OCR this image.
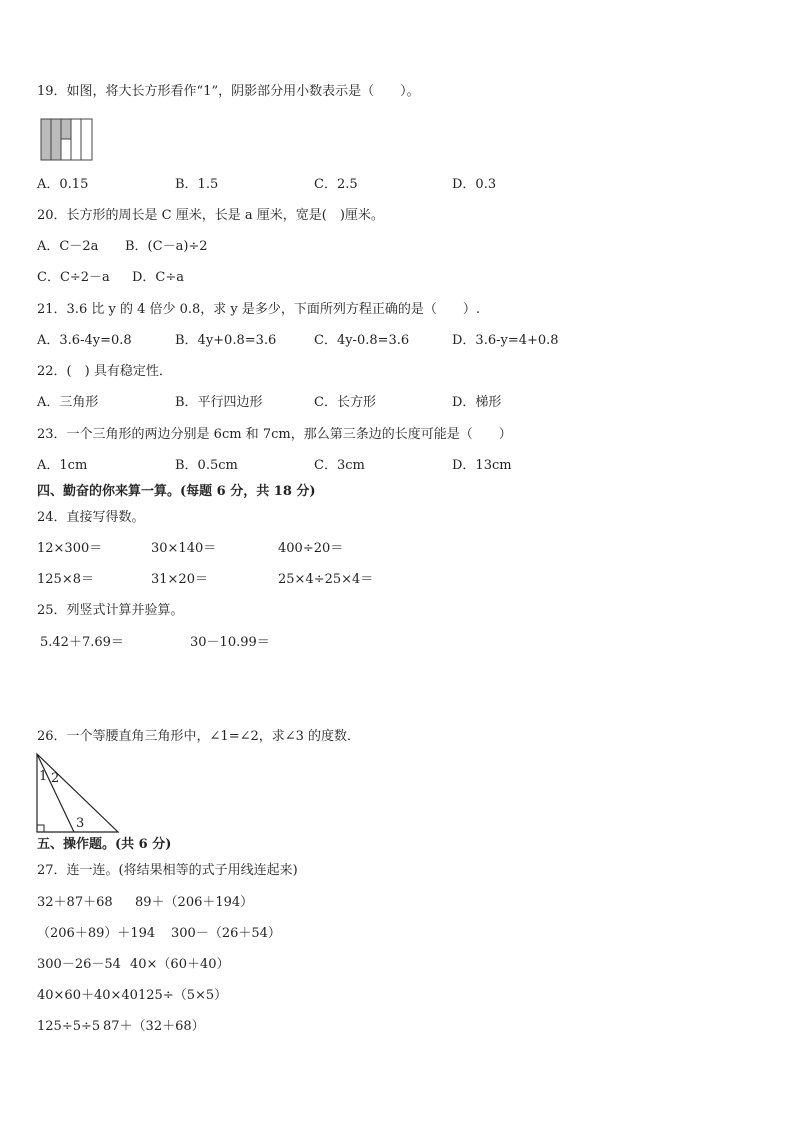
19．如图，将大长方形看作“1”，阴影部分用小数表示是（　　）。
A．0.15	B．1.5	C．2.5	D．0.3
20．长方形的周长是 C 厘米，长是 a 厘米，宽是(　)厘米。
A．C－2a B．(C－a)÷2
C．C÷2－a D．C÷a
21．3.6 比 y 的 4 倍少 0.8，求 y 是多少，下面所列方程正确的是（　　）.
A．3.6-4y=0.8	B．4y+0.8=3.6	C．4y-0.8=3.6	D．3.6-y=4+0.8
22．(　) 具有稳定性．
A．三角形	B．平行四边形	C．长方形	D．梯形
23．一个三角形的两边分别是 6cm 和 7cm，那么第三条边的长度可能是（　　）
A．1cm	B．0.5cm	C．3cm	D．13cm
四、勤奋的你来算一算。(每题 6 分，共 18 分)
24．直接写得数。
12×300＝	30×140＝	400÷20＝
125×8＝	31×20＝	25×4÷25×4＝
25．列竖式计算并验算。
5.42＋7.69＝	30－10.99＝
26．一个等腰直角三角形中，∠1=∠2，求∠3 的度数．
1 2
3
五、操作题。(共 6 分)
27．连一连。(将结果相等的式子用线连起来)
32＋87＋68 89＋（206＋194）
（206＋89）＋194 300－（26＋54）
300－26－54 40×（60＋40）
40×60＋40×40 125÷（5×5）
125÷5÷5 87＋（32＋68）
